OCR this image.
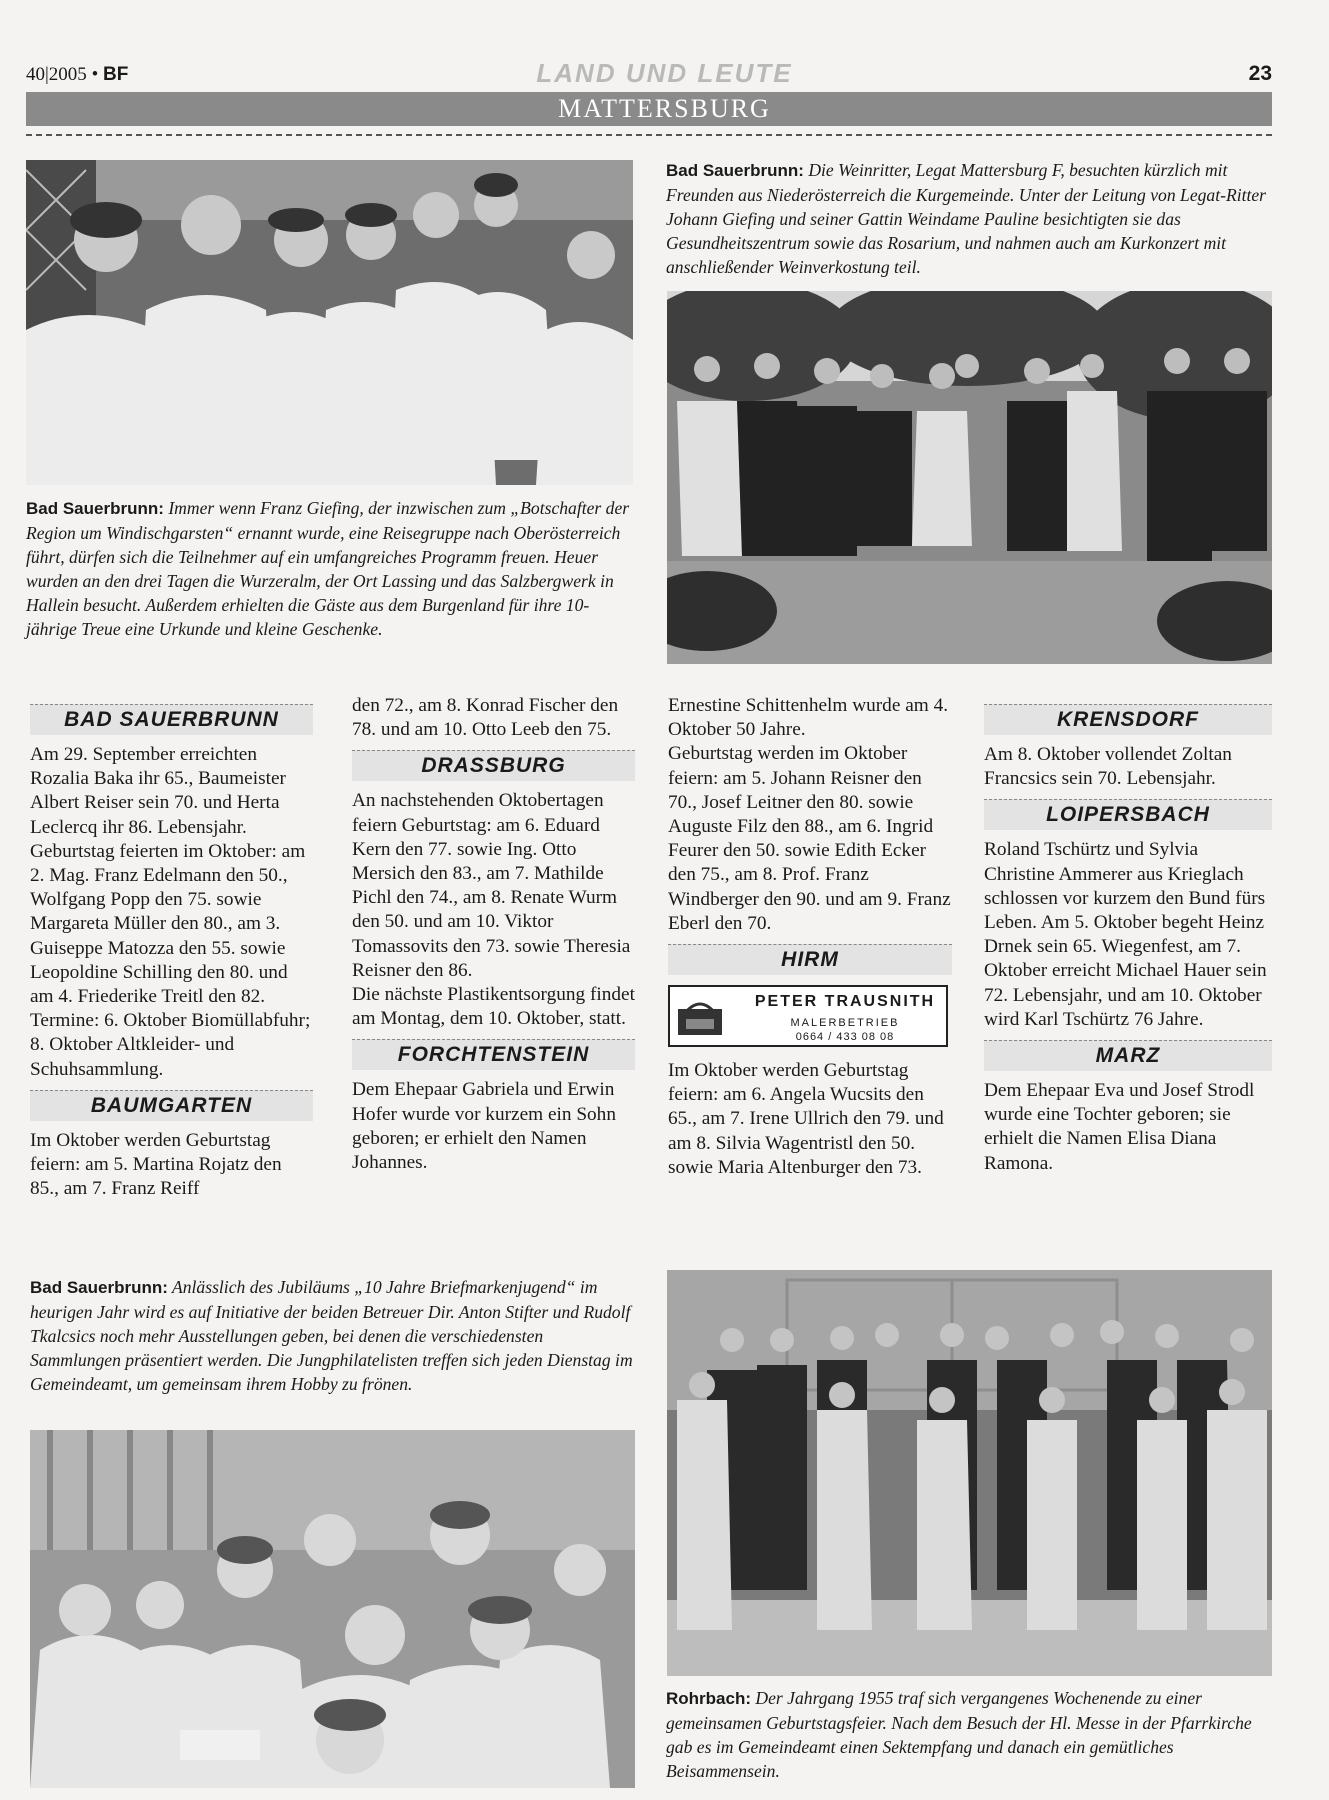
40|2005 • BF	LAND UND LEUTE	23
MATTERSBURG
Bad Sauerbrunn: Immer wenn Franz Giefing, der inzwischen zum „Botschafter der Region um Windischgarsten“ ernannt wurde, eine Reisegruppe nach Oberösterreich führt, dürfen sich die Teilnehmer auf ein umfangreiches Programm freuen. Heuer wurden an den drei Tagen die Wurzeralm, der Ort Lassing und das Salzbergwerk in Hallein besucht. Außerdem erhielten die Gäste aus dem Burgenland für ihre 10-jährige Treue eine Urkunde und kleine Geschenke.
Bad Sauerbrunn: Die Weinritter, Legat Mattersburg F, besuchten kürzlich mit Freunden aus Niederösterreich die Kurgemeinde. Unter der Leitung von Legat-Ritter Johann Giefing und seiner Gattin Weindame Pauline besichtigten sie das Gesundheitszentrum sowie das Rosarium, und nahmen auch am Kurkonzert mit anschließender Weinverkostung teil.
BAD SAUERBRUNN

Am 29. September erreichten Rozalia Baka ihr 65., Baumeister Albert Reiser sein 70. und Herta Leclercq ihr 86. Lebensjahr.

Geburtstag feierten im Oktober: am 2. Mag. Franz Edelmann den 50., Wolfgang Popp den 75. sowie Margareta Müller den 80., am 3. Guiseppe Matozza den 55. sowie Leopoldine Schilling den 80. und am 4. Friederike Treitl den 82.

Termine: 6. Oktober Biomüllabfuhr; 8. Oktober Altkleider- und Schuhsammlung.

BAUMGARTEN

Im Oktober werden Geburtstag feiern: am 5. Martina Rojatz den 85., am 7. Franz Reiff

den 72., am 8. Konrad Fischer den 78. und am 10. Otto Leeb den 75.

DRASSBURG

An nachstehenden Oktobertagen feiern Geburtstag: am 6. Eduard Kern den 77. sowie Ing. Otto Mersich den 83., am 7. Mathilde Pichl den 74., am 8. Renate Wurm den 50. und am 10. Viktor Tomassovits den 73. sowie Theresia Reisner den 86.

Die nächste Plastikentsorgung findet am Montag, dem 10. Oktober, statt.

FORCHTENSTEIN

Dem Ehepaar Gabriela und Erwin Hofer wurde vor kurzem ein Sohn geboren; er erhielt den Namen Johannes.

Ernestine Schittenhelm wurde am 4. Oktober 50 Jahre.

Geburtstag werden im Oktober feiern: am 5. Johann Reisner den 70., Josef Leitner den 80. sowie Auguste Filz den 88., am 6. Ingrid Feurer den 50. sowie Edith Ecker den 75., am 8. Prof. Franz Windberger den 90. und am 9. Franz Eberl den 70.

HIRM
PETER TRAUSNITH
MALERBETRIEB
0664 / 433 08 08

Im Oktober werden Geburtstag feiern: am 6. Angela Wucsits den 65., am 7. Irene Ullrich den 79. und am 8. Silvia Wagentristl den 50. sowie Maria Altenburger den 73.

KRENSDORF

Am 8. Oktober vollendet Zoltan Francsics sein 70. Lebensjahr.

LOIPERSBACH

Roland Tschürtz und Sylvia Christine Ammerer aus Krieglach schlossen vor kurzem den Bund fürs Leben. Am 5. Oktober begeht Heinz Drnek sein 65. Wiegenfest, am 7. Oktober erreicht Michael Hauer sein 72. Lebensjahr, und am 10. Oktober wird Karl Tschürtz 76 Jahre.

MARZ

Dem Ehepaar Eva und Josef Strodl wurde eine Tochter geboren; sie erhielt die Namen Elisa Diana Ramona.

Bad Sauerbrunn: Anlässlich des Jubiläums „10 Jahre Briefmarkenjugend“ im heurigen Jahr wird es auf Initiative der beiden Betreuer Dir. Anton Stifter und Rudolf Tkalcsics noch mehr Ausstellungen geben, bei denen die verschiedensten Sammlungen präsentiert werden. Die Jungphilatelisten treffen sich jeden Dienstag im Gemeindeamt, um gemeinsam ihrem Hobby zu frönen.
Rohrbach: Der Jahrgang 1955 traf sich vergangenes Wochenende zu einer gemeinsamen Geburtstagsfeier. Nach dem Besuch der Hl. Messe in der Pfarrkirche gab es im Gemeindeamt einen Sektempfang und danach ein gemütliches Beisammensein.
